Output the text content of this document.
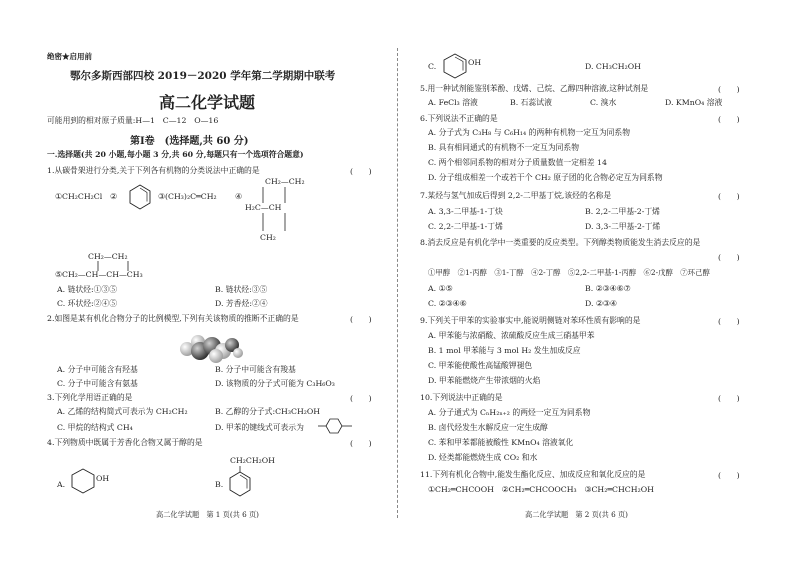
绝密★启用前
鄂尔多斯西部四校 2019－2020 学年第二学期期中联考
高二化学试题
可能用到的相对原子质量:H—1　C—12　O—16
第Ⅰ卷　(选择题,共 60 分)
一.选择题(共 20 小题,每小题 3 分,共 60 分,每题只有一个选项符合题意)
1.从碳骨架进行分类,关于下列各有机物的分类说法中正确的是	(　　)
①CH₂CH₂Cl　②	③(CH₃)₂C═CH₂ ④
CH₂—CH₂
H₂C—CH
CH₂
CH₂—CH₂
⑤CH₂—CH—CH—CH₃
A. 链状烃:①③⑤	B. 链状烃:③⑤
C. 环状烃:②④⑤	D. 芳香烃:②④
2.如图是某有机化合物分子的比例模型,下列有关该物质的推断不正确的是	(　　)
A. 分子中可能含有羟基	B. 分子中可能含有羧基
C. 分子中可能含有氨基	D. 该物质的分子式可能为 C₃H₆O₃
3.下列化学用语正确的是	(　　)
A. 乙烯的结构简式可表示为 CH₂CH₂	B. 乙醇的分子式:CH₃CH₂OH
C. 甲烷的结构式 CH₄	D. 甲苯的键线式可表示为
4.下列物质中既属于芳香化合物又属于醇的是	(　　)
A.
OH
B.
CH₂CH₂OH
高二化学试题　第 1 页(共 6 页)
C.	OH	D. CH₃CH₂OH
5.用一种试剂能鉴别苯酚、戊烯、己烷、乙醇四种溶液,这种试剂是	(　　)
A. FeCl₃ 溶液	B. 石蕊试液	C. 溴水	D. KMnO₄ 溶液
6.下列说法不正确的是	(　　)
A. 分子式为 C₃H₈ 与 C₆H₁₄ 的两种有机物一定互为同系物
B. 具有相同通式的有机物不一定互为同系物
C. 两个相邻同系物的相对分子质量数值一定相差 14
D. 分子组成相差一个或若干个 CH₂ 原子团的化合物必定互为同系物
7.某烃与氢气加成后得到 2,2-二甲基丁烷,该烃的名称是	(　　)
A. 3,3-二甲基-1-丁炔	B. 2,2-二甲基-2-丁烯
C. 2,2-二甲基-1-丁烯	D. 3,3-二甲基-2-丁烯
8.消去反应是有机化学中一类重要的反应类型。下列醇类物质能发生消去反应的是
(　　)
①甲醇　②1-丙醇　③1-丁醇　④2-丁醇　⑤2,2-二甲基-1-丙醇　⑥2-戊醇　⑦环己醇
A. ①⑤	B. ②③④⑥⑦
C. ②③④⑥	D. ②③④
9.下列关于甲苯的实验事实中,能说明侧链对苯环性质有影响的是	(　　)
A. 甲苯能与浓硝酸、浓硫酸反应生成三硝基甲苯
B. 1 mol 甲苯能与 3 mol H₂ 发生加成反应
C. 甲苯能使酸性高锰酸钾褪色
D. 甲苯能燃烧产生带浓烟的火焰
10.下列说法中正确的是	(　　)
A. 分子通式为 CₙH₂ₙ₊₂ 的两烃一定互为同系物
B. 卤代烃发生水解反应一定生成醇
C. 苯和甲苯都能被酸性 KMnO₄ 溶液氧化
D. 烃类都能燃烧生成 CO₂ 和水
11.下列有机化合物中,能发生酯化反应、加成反应和氧化反应的是	(　　)
①CH₂═CHCOOH　②CH₂═CHCOOCH₃　③CH₂═CHCH₂OH
高二化学试题　第 2 页(共 6 页)
